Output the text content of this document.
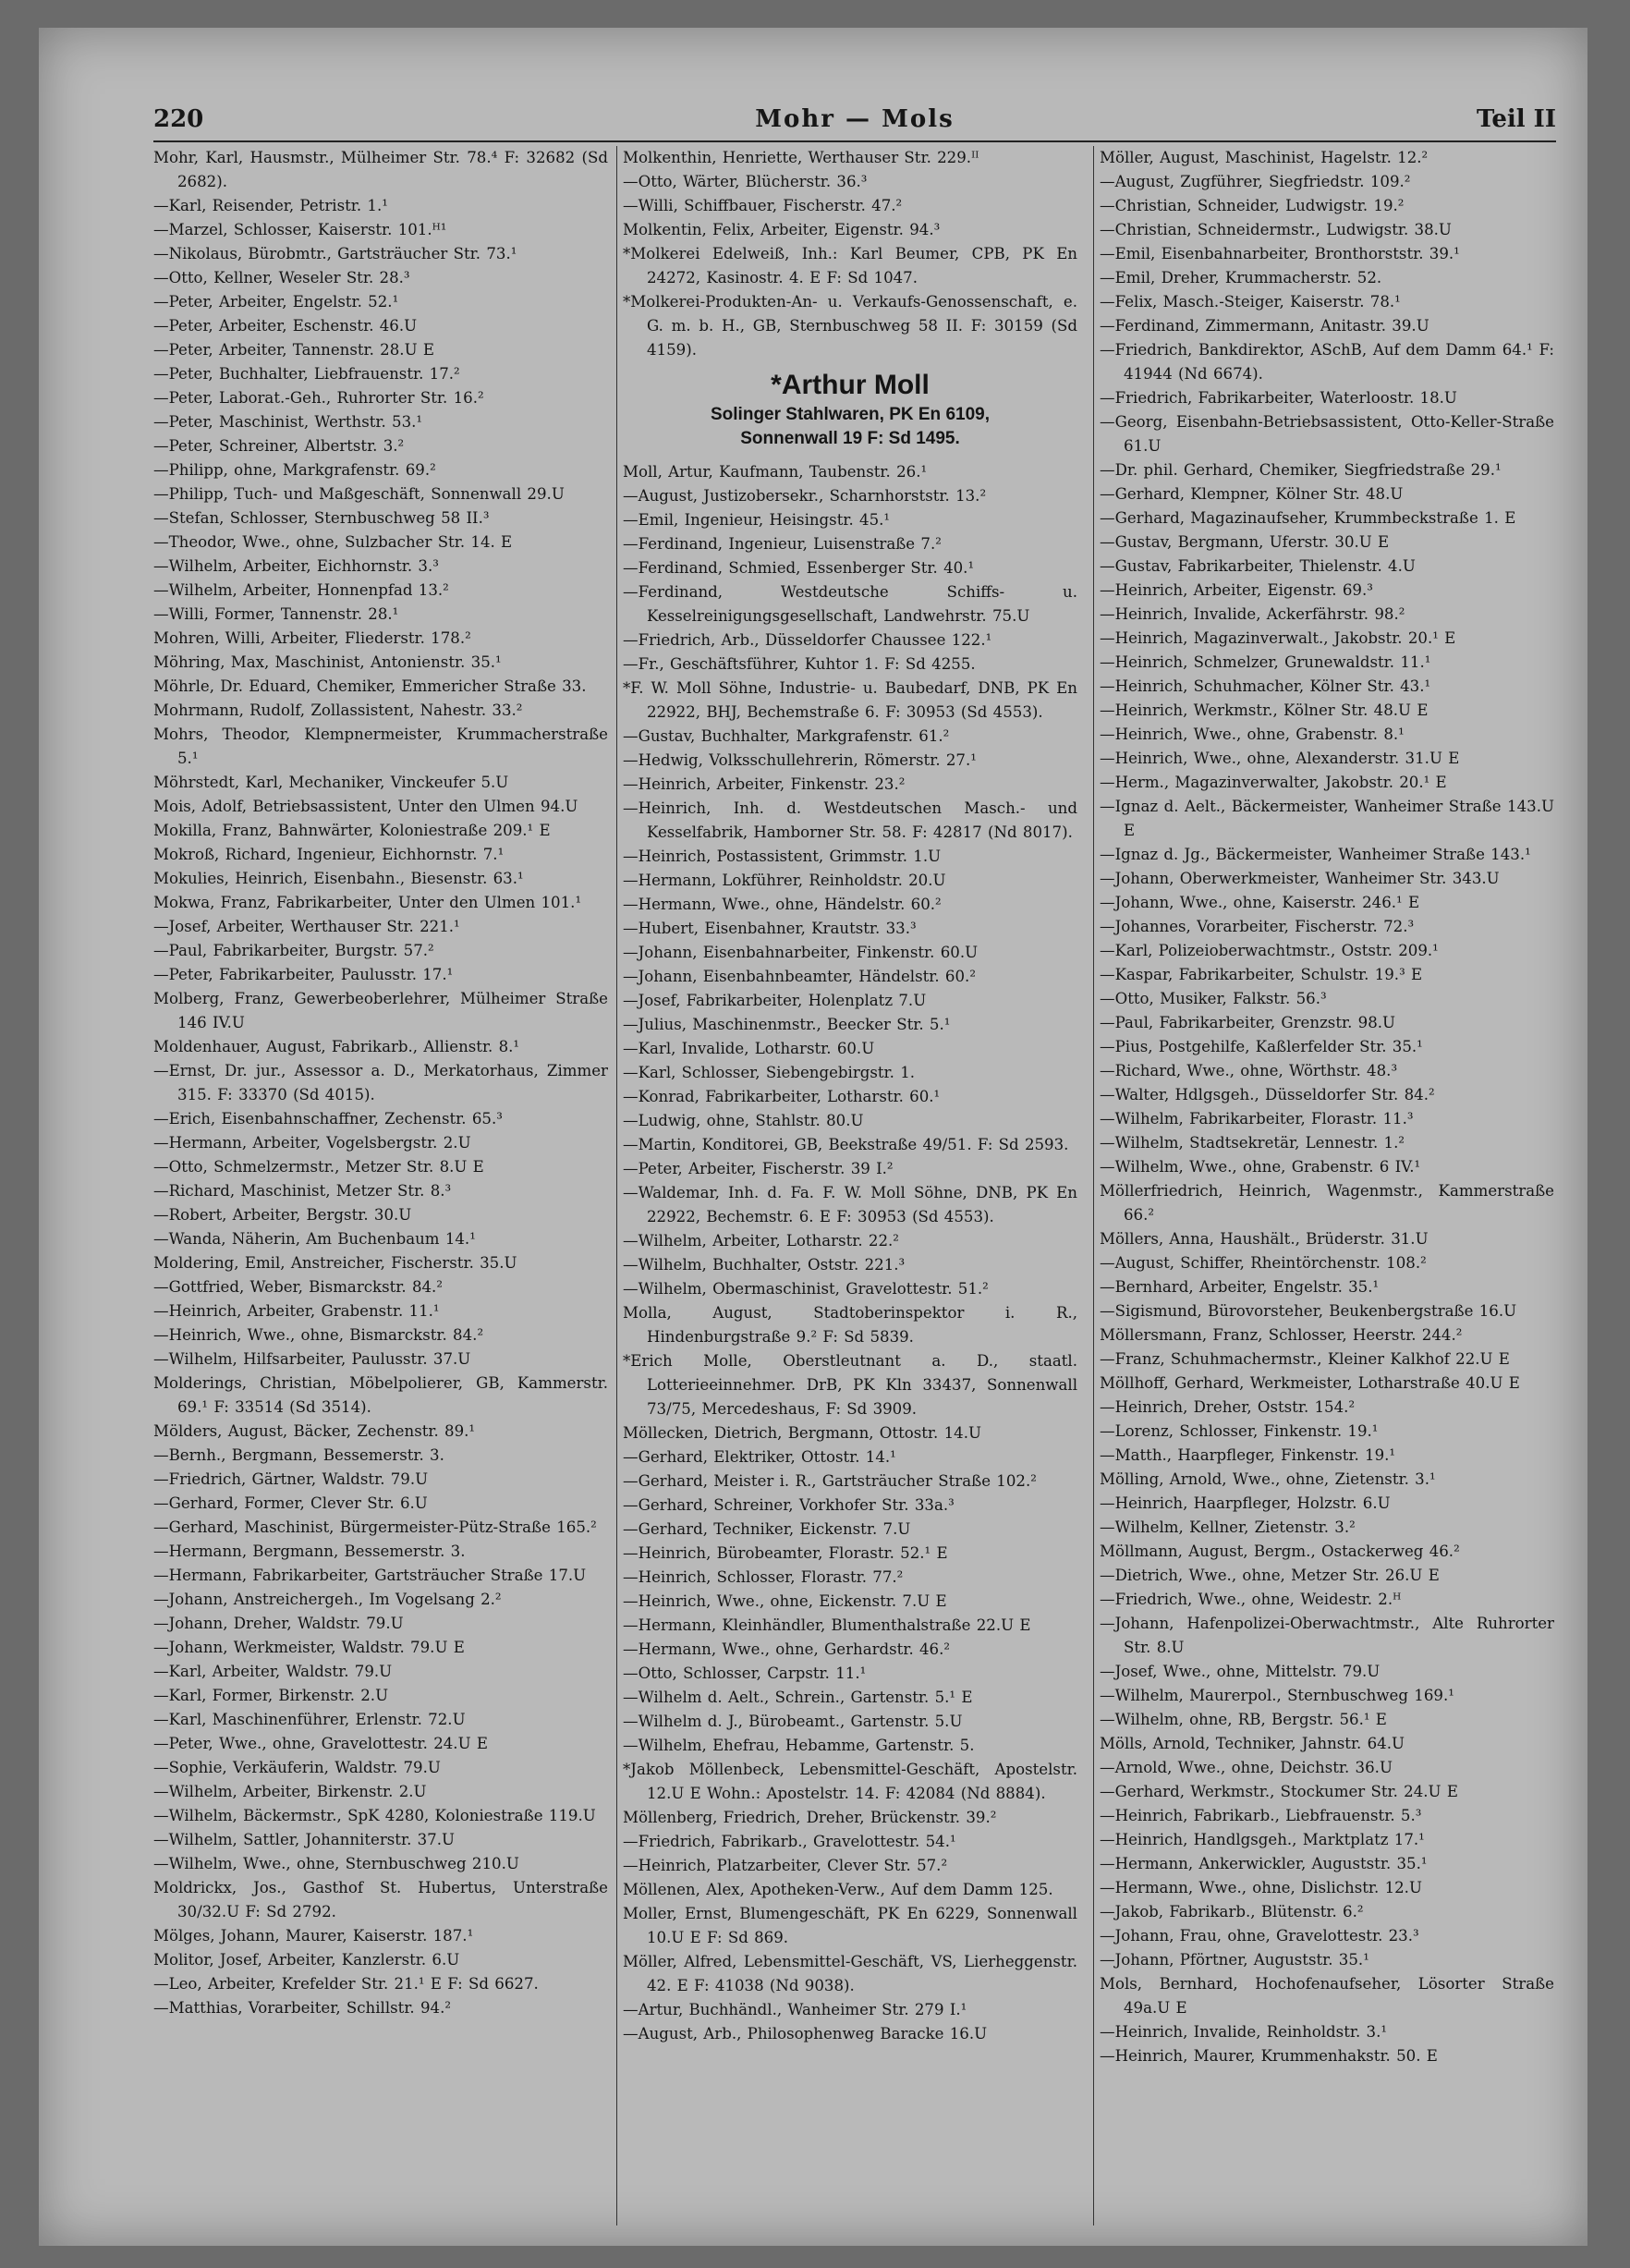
220	Mohr — Mols	Teil II
Mohr, Karl, Hausmstr., Mülheimer Str. 78.⁴ F: 32682 (Sd 2682).
—Karl, Reisender, Petristr. 1.¹
—Marzel, Schlosser, Kaiserstr. 101.ᴴ¹
—Nikolaus, Bürobmtr., Gartsträucher Str. 73.¹
—Otto, Kellner, Weseler Str. 28.³
—Peter, Arbeiter, Engelstr. 52.¹
—Peter, Arbeiter, Eschenstr. 46.U
—Peter, Arbeiter, Tannenstr. 28.U E
—Peter, Buchhalter, Liebfrauenstr. 17.²
—Peter, Laborat.-Geh., Ruhrorter Str. 16.²
—Peter, Maschinist, Werthstr. 53.¹
—Peter, Schreiner, Albertstr. 3.²
—Philipp, ohne, Markgrafenstr. 69.²
—Philipp, Tuch- und Maßgeschäft, Sonnenwall 29.U
—Stefan, Schlosser, Sternbuschweg 58 II.³
—Theodor, Wwe., ohne, Sulzbacher Str. 14. E
—Wilhelm, Arbeiter, Eichhornstr. 3.³
—Wilhelm, Arbeiter, Honnenpfad 13.²
—Willi, Former, Tannenstr. 28.¹
Mohren, Willi, Arbeiter, Fliederstr. 178.²
Möhring, Max, Maschinist, Antonienstr. 35.¹
Möhrle, Dr. Eduard, Chemiker, Emmericher Straße 33.
Mohrmann, Rudolf, Zollassistent, Nahestr. 33.²
Mohrs, Theodor, Klempnermeister, Krummacherstraße 5.¹
Möhrstedt, Karl, Mechaniker, Vinckeufer 5.U
Mois, Adolf, Betriebsassistent, Unter den Ulmen 94.U
Mokilla, Franz, Bahnwärter, Koloniestraße 209.¹ E
Mokroß, Richard, Ingenieur, Eichhornstr. 7.¹
Mokulies, Heinrich, Eisenbahn., Biesenstr. 63.¹
Mokwa, Franz, Fabrikarbeiter, Unter den Ulmen 101.¹
—Josef, Arbeiter, Werthauser Str. 221.¹
—Paul, Fabrikarbeiter, Burgstr. 57.²
—Peter, Fabrikarbeiter, Paulusstr. 17.¹
Molberg, Franz, Gewerbeoberlehrer, Mülheimer Straße 146 IV.U
Moldenhauer, August, Fabrikarb., Allienstr. 8.¹
—Ernst, Dr. jur., Assessor a. D., Merkatorhaus, Zimmer 315. F: 33370 (Sd 4015).
—Erich, Eisenbahnschaffner, Zechenstr. 65.³
—Hermann, Arbeiter, Vogelsbergstr. 2.U
—Otto, Schmelzermstr., Metzer Str. 8.U E
—Richard, Maschinist, Metzer Str. 8.³
—Robert, Arbeiter, Bergstr. 30.U
—Wanda, Näherin, Am Buchenbaum 14.¹
Moldering, Emil, Anstreicher, Fischerstr. 35.U
—Gottfried, Weber, Bismarckstr. 84.²
—Heinrich, Arbeiter, Grabenstr. 11.¹
—Heinrich, Wwe., ohne, Bismarckstr. 84.²
—Wilhelm, Hilfsarbeiter, Paulusstr. 37.U
Molderings, Christian, Möbelpolierer, GB, Kammerstr. 69.¹ F: 33514 (Sd 3514).
Mölders, August, Bäcker, Zechenstr. 89.¹
—Bernh., Bergmann, Bessemerstr. 3.
—Friedrich, Gärtner, Waldstr. 79.U
—Gerhard, Former, Clever Str. 6.U
—Gerhard, Maschinist, Bürgermeister-Pütz-Straße 165.²
—Hermann, Bergmann, Bessemerstr. 3.
—Hermann, Fabrikarbeiter, Gartsträucher Straße 17.U
—Johann, Anstreichergeh., Im Vogelsang 2.²
—Johann, Dreher, Waldstr. 79.U
—Johann, Werkmeister, Waldstr. 79.U E
—Karl, Arbeiter, Waldstr. 79.U
—Karl, Former, Birkenstr. 2.U
—Karl, Maschinenführer, Erlenstr. 72.U
—Peter, Wwe., ohne, Gravelottestr. 24.U E
—Sophie, Verkäuferin, Waldstr. 79.U
—Wilhelm, Arbeiter, Birkenstr. 2.U
—Wilhelm, Bäckermstr., SpK 4280, Koloniestraße 119.U
—Wilhelm, Sattler, Johanniterstr. 37.U
—Wilhelm, Wwe., ohne, Sternbuschweg 210.U
Moldrickx, Jos., Gasthof St. Hubertus, Unterstraße 30/32.U F: Sd 2792.
Mölges, Johann, Maurer, Kaiserstr. 187.¹
Molitor, Josef, Arbeiter, Kanzlerstr. 6.U
—Leo, Arbeiter, Krefelder Str. 21.¹ E F: Sd 6627.
—Matthias, Vorarbeiter, Schillstr. 94.²
Molkenthin, Henriette, Werthauser Str. 229.ᴵᴵ
—Otto, Wärter, Blücherstr. 36.³
—Willi, Schiffbauer, Fischerstr. 47.²
Molkentin, Felix, Arbeiter, Eigenstr. 94.³
*Molkerei Edelweiß, Inh.: Karl Beumer, CPB, PK En 24272, Kasinostr. 4. E F: Sd 1047.
*Molkerei-Produkten-An- u. Verkaufs-Genossenschaft, e. G. m. b. H., GB, Sternbuschweg 58 II. F: 30159 (Sd 4159).
*Arthur Moll
Solinger Stahlwaren, PK En 6109,
Sonnenwall 19 F: Sd 1495.
Moll, Artur, Kaufmann, Taubenstr. 26.¹
—August, Justizobersekr., Scharnhorststr. 13.²
—Emil, Ingenieur, Heisingstr. 45.¹
—Ferdinand, Ingenieur, Luisenstraße 7.²
—Ferdinand, Schmied, Essenberger Str. 40.¹
—Ferdinand, Westdeutsche Schiffs- u. Kesselreinigungsgesellschaft, Landwehrstr. 75.U
—Friedrich, Arb., Düsseldorfer Chaussee 122.¹
—Fr., Geschäftsführer, Kuhtor 1. F: Sd 4255.
*F. W. Moll Söhne, Industrie- u. Baubedarf, DNB, PK En 22922, BHJ, Bechemstraße 6. F: 30953 (Sd 4553).
—Gustav, Buchhalter, Markgrafenstr. 61.²
—Hedwig, Volksschullehrerin, Römerstr. 27.¹
—Heinrich, Arbeiter, Finkenstr. 23.²
—Heinrich, Inh. d. Westdeutschen Masch.- und Kesselfabrik, Hamborner Str. 58. F: 42817 (Nd 8017).
—Heinrich, Postassistent, Grimmstr. 1.U
—Hermann, Lokführer, Reinholdstr. 20.U
—Hermann, Wwe., ohne, Händelstr. 60.²
—Hubert, Eisenbahner, Krautstr. 33.³
—Johann, Eisenbahnarbeiter, Finkenstr. 60.U
—Johann, Eisenbahnbeamter, Händelstr. 60.²
—Josef, Fabrikarbeiter, Holenplatz 7.U
—Julius, Maschinenmstr., Beecker Str. 5.¹
—Karl, Invalide, Lotharstr. 60.U
—Karl, Schlosser, Siebengebirgstr. 1.
—Konrad, Fabrikarbeiter, Lotharstr. 60.¹
—Ludwig, ohne, Stahlstr. 80.U
—Martin, Konditorei, GB, Beekstraße 49/51. F: Sd 2593.
—Peter, Arbeiter, Fischerstr. 39 I.²
—Waldemar, Inh. d. Fa. F. W. Moll Söhne, DNB, PK En 22922, Bechemstr. 6. E F: 30953 (Sd 4553).
—Wilhelm, Arbeiter, Lotharstr. 22.²
—Wilhelm, Buchhalter, Oststr. 221.³
—Wilhelm, Obermaschinist, Gravelottestr. 51.²
Molla, August, Stadtoberinspektor i. R., Hindenburgstraße 9.² F: Sd 5839.
*Erich Molle, Oberstleutnant a. D., staatl. Lotterieeinnehmer. DrB, PK Kln 33437, Sonnenwall 73/75, Mercedeshaus, F: Sd 3909.
Möllecken, Dietrich, Bergmann, Ottostr. 14.U
—Gerhard, Elektriker, Ottostr. 14.¹
—Gerhard, Meister i. R., Gartsträucher Straße 102.²
—Gerhard, Schreiner, Vorkhofer Str. 33a.³
—Gerhard, Techniker, Eickenstr. 7.U
—Heinrich, Bürobeamter, Florastr. 52.¹ E
—Heinrich, Schlosser, Florastr. 77.²
—Heinrich, Wwe., ohne, Eickenstr. 7.U E
—Hermann, Kleinhändler, Blumenthalstraße 22.U E
—Hermann, Wwe., ohne, Gerhardstr. 46.²
—Otto, Schlosser, Carpstr. 11.¹
—Wilhelm d. Aelt., Schrein., Gartenstr. 5.¹ E
—Wilhelm d. J., Bürobeamt., Gartenstr. 5.U
—Wilhelm, Ehefrau, Hebamme, Gartenstr. 5.
*Jakob Möllenbeck, Lebensmittel-Geschäft, Apostelstr. 12.U E Wohn.: Apostelstr. 14. F: 42084 (Nd 8884).
Möllenberg, Friedrich, Dreher, Brückenstr. 39.²
—Friedrich, Fabrikarb., Gravelottestr. 54.¹
—Heinrich, Platzarbeiter, Clever Str. 57.²
Möllenen, Alex, Apotheken-Verw., Auf dem Damm 125.
Moller, Ernst, Blumengeschäft, PK En 6229, Sonnenwall 10.U E F: Sd 869.
Möller, Alfred, Lebensmittel-Geschäft, VS, Lierheggenstr. 42. E F: 41038 (Nd 9038).
—Artur, Buchhändl., Wanheimer Str. 279 I.¹
—August, Arb., Philosophenweg Baracke 16.U
Möller, August, Maschinist, Hagelstr. 12.²
—August, Zugführer, Siegfriedstr. 109.²
—Christian, Schneider, Ludwigstr. 19.²
—Christian, Schneidermstr., Ludwigstr. 38.U
—Emil, Eisenbahnarbeiter, Bronthorststr. 39.¹
—Emil, Dreher, Krummacherstr. 52.
—Felix, Masch.-Steiger, Kaiserstr. 78.¹
—Ferdinand, Zimmermann, Anitastr. 39.U
—Friedrich, Bankdirektor, ASchB, Auf dem Damm 64.¹ F: 41944 (Nd 6674).
—Friedrich, Fabrikarbeiter, Waterloostr. 18.U
—Georg, Eisenbahn-Betriebsassistent, Otto-Keller-Straße 61.U
—Dr. phil. Gerhard, Chemiker, Siegfriedstraße 29.¹
—Gerhard, Klempner, Kölner Str. 48.U
—Gerhard, Magazinaufseher, Krummbeckstraße 1. E
—Gustav, Bergmann, Uferstr. 30.U E
—Gustav, Fabrikarbeiter, Thielenstr. 4.U
—Heinrich, Arbeiter, Eigenstr. 69.³
—Heinrich, Invalide, Ackerfährstr. 98.²
—Heinrich, Magazinverwalt., Jakobstr. 20.¹ E
—Heinrich, Schmelzer, Grunewaldstr. 11.¹
—Heinrich, Schuhmacher, Kölner Str. 43.¹
—Heinrich, Werkmstr., Kölner Str. 48.U E
—Heinrich, Wwe., ohne, Grabenstr. 8.¹
—Heinrich, Wwe., ohne, Alexanderstr. 31.U E
—Herm., Magazinverwalter, Jakobstr. 20.¹ E
—Ignaz d. Aelt., Bäckermeister, Wanheimer Straße 143.U E
—Ignaz d. Jg., Bäckermeister, Wanheimer Straße 143.¹
—Johann, Oberwerkmeister, Wanheimer Str. 343.U
—Johann, Wwe., ohne, Kaiserstr. 246.¹ E
—Johannes, Vorarbeiter, Fischerstr. 72.³
—Karl, Polizeioberwachtmstr., Oststr. 209.¹
—Kaspar, Fabrikarbeiter, Schulstr. 19.³ E
—Otto, Musiker, Falkstr. 56.³
—Paul, Fabrikarbeiter, Grenzstr. 98.U
—Pius, Postgehilfe, Kaßlerfelder Str. 35.¹
—Richard, Wwe., ohne, Wörthstr. 48.³
—Walter, Hdlgsgeh., Düsseldorfer Str. 84.²
—Wilhelm, Fabrikarbeiter, Florastr. 11.³
—Wilhelm, Stadtsekretär, Lennestr. 1.²
—Wilhelm, Wwe., ohne, Grabenstr. 6 IV.¹
Möllerfriedrich, Heinrich, Wagenmstr., Kammerstraße 66.²
Möllers, Anna, Haushält., Brüderstr. 31.U
—August, Schiffer, Rheintörchenstr. 108.²
—Bernhard, Arbeiter, Engelstr. 35.¹
—Sigismund, Bürovorsteher, Beukenbergstraße 16.U
Möllersmann, Franz, Schlosser, Heerstr. 244.²
—Franz, Schuhmachermstr., Kleiner Kalkhof 22.U E
Möllhoff, Gerhard, Werkmeister, Lotharstraße 40.U E
—Heinrich, Dreher, Oststr. 154.²
—Lorenz, Schlosser, Finkenstr. 19.¹
—Matth., Haarpfleger, Finkenstr. 19.¹
Mölling, Arnold, Wwe., ohne, Zietenstr. 3.¹
—Heinrich, Haarpfleger, Holzstr. 6.U
—Wilhelm, Kellner, Zietenstr. 3.²
Möllmann, August, Bergm., Ostackerweg 46.²
—Dietrich, Wwe., ohne, Metzer Str. 26.U E
—Friedrich, Wwe., ohne, Weidestr. 2.ᴴ
—Johann, Hafenpolizei-Oberwachtmstr., Alte Ruhrorter Str. 8.U
—Josef, Wwe., ohne, Mittelstr. 79.U
—Wilhelm, Maurerpol., Sternbuschweg 169.¹
—Wilhelm, ohne, RB, Bergstr. 56.¹ E
Mölls, Arnold, Techniker, Jahnstr. 64.U
—Arnold, Wwe., ohne, Deichstr. 36.U
—Gerhard, Werkmstr., Stockumer Str. 24.U E
—Heinrich, Fabrikarb., Liebfrauenstr. 5.³
—Heinrich, Handlgsgeh., Marktplatz 17.¹
—Hermann, Ankerwickler, Auguststr. 35.¹
—Hermann, Wwe., ohne, Dislichstr. 12.U
—Jakob, Fabrikarb., Blütenstr. 6.²
—Johann, Frau, ohne, Gravelottestr. 23.³
—Johann, Pförtner, Auguststr. 35.¹
Mols, Bernhard, Hochofenaufseher, Lösorter Straße 49a.U E
—Heinrich, Invalide, Reinholdstr. 3.¹
—Heinrich, Maurer, Krummenhakstr. 50. E
